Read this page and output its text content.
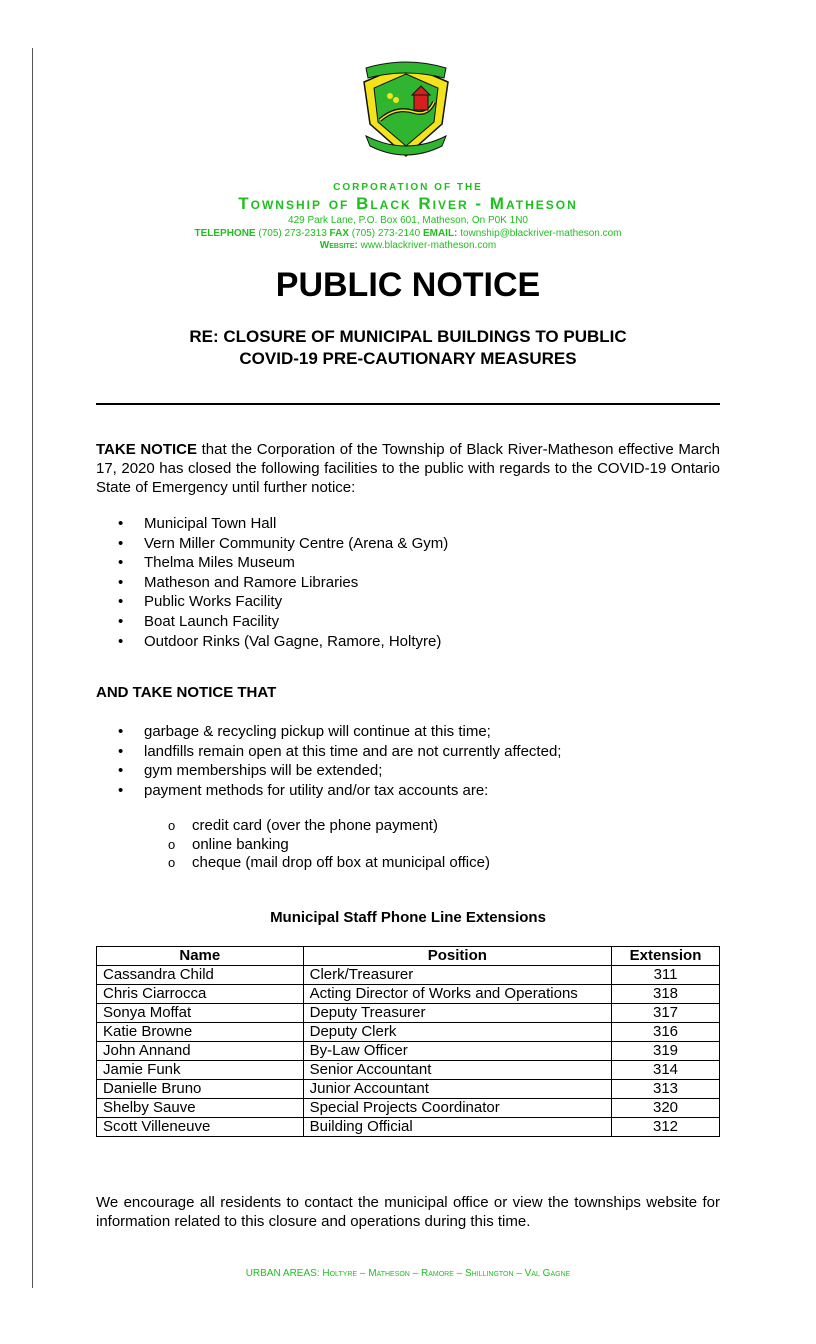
CORPORATION OF THE
Township of Black River - Matheson
429 Park Lane, P.O. Box 601, Matheson, On P0K 1N0
TELEPHONE (705) 273-2313 FAX (705) 273-2140 EMAIL: township@blackriver-matheson.com
Website: www.blackriver-matheson.com
PUBLIC NOTICE
RE: CLOSURE OF MUNICIPAL BUILDINGS TO PUBLIC
COVID-19 PRE-CAUTIONARY MEASURES
TAKE NOTICE that the Corporation of the Township of Black River-Matheson effective March 17, 2020 has closed the following facilities to the public with regards to the COVID-19 Ontario State of Emergency until further notice:
• Municipal Town Hall
• Vern Miller Community Centre (Arena & Gym)
• Thelma Miles Museum
• Matheson and Ramore Libraries
• Public Works Facility
• Boat Launch Facility
• Outdoor Rinks (Val Gagne, Ramore, Holtyre)
AND TAKE NOTICE THAT
• garbage & recycling pickup will continue at this time;
• landfills remain open at this time and are not currently affected;
• gym memberships will be extended;
• payment methods for utility and/or tax accounts are:
o credit card (over the phone payment)
o online banking
o cheque (mail drop off box at municipal office)
Municipal Staff Phone Line Extensions
Name	Position	Extension
Cassandra Child	Clerk/Treasurer	311
Chris Ciarrocca	Acting Director of Works and Operations	318
Sonya Moffat	Deputy Treasurer	317
Katie Browne	Deputy Clerk	316
John Annand	By-Law Officer	319
Jamie Funk	Senior Accountant	314
Danielle Bruno	Junior Accountant	313
Shelby Sauve	Special Projects Coordinator	320
Scott Villeneuve	Building Official	312
We encourage all residents to contact the municipal office or view the townships website for information related to this closure and operations during this time.
URBAN AREAS: Holtyre – Matheson – Ramore – Shillington – Val Gagne
